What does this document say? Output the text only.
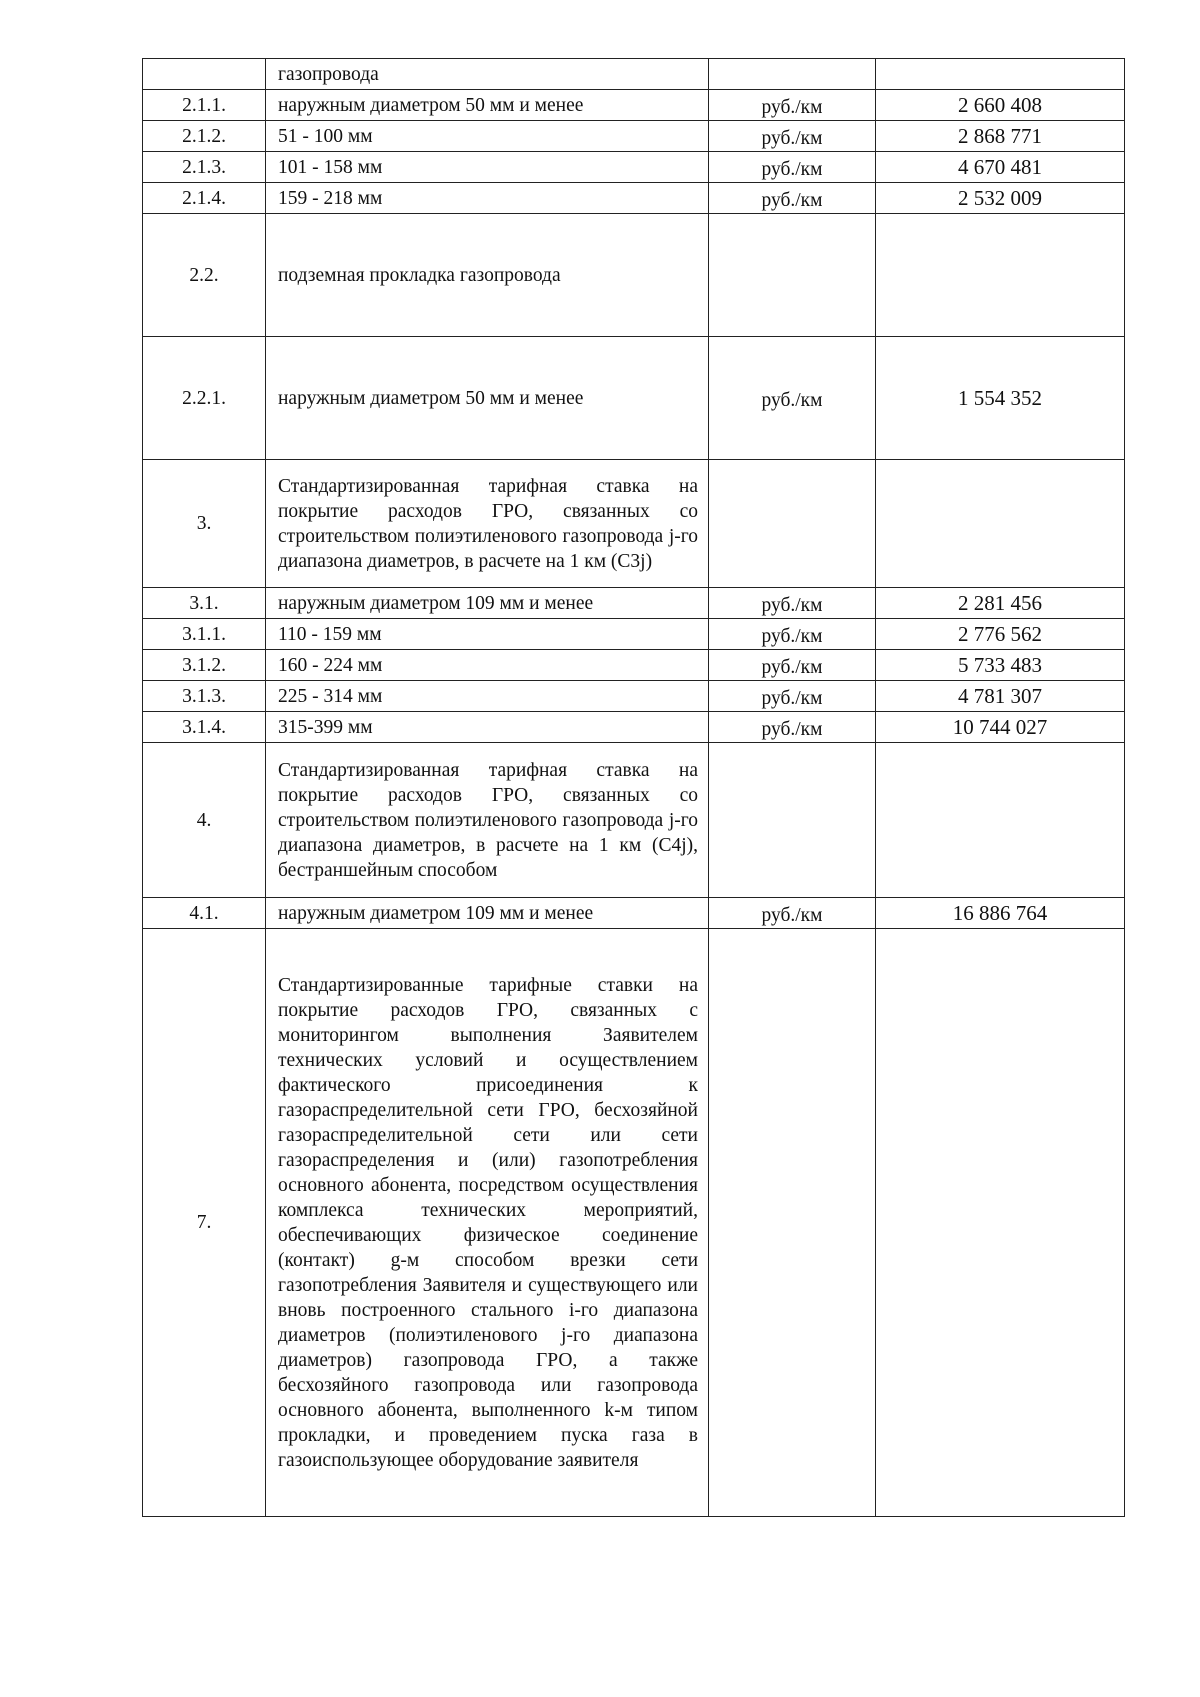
	газопровода		
2.1.1.	наружным диаметром 50 мм и менее	руб./км	2 660 408
2.1.2.	51 - 100 мм	руб./км	2 868 771
2.1.3.	101 - 158 мм	руб./км	4 670 481
2.1.4.	159 - 218 мм	руб./км	2 532 009
2.2.	подземная прокладка газопровода		
2.2.1.	наружным диаметром 50 мм и менее	руб./км	1 554 352
3.	Стандартизированная тарифная ставка на покрытие расходов ГРО, связанных со строительством полиэтиленового газопровода j-го диапазона диаметров, в расчете на 1 км (С3j)		
3.1.	наружным диаметром 109 мм и менее	руб./км	2 281 456
3.1.1.	110 - 159 мм	руб./км	2 776 562
3.1.2.	160 - 224 мм	руб./км	5 733 483
3.1.3.	225 - 314 мм	руб./км	4 781 307
3.1.4.	315-399 мм	руб./км	10 744 027
4.	Стандартизированная тарифная ставка на покрытие расходов ГРО, связанных со строительством полиэтиленового газопровода j-го диапазона диаметров, в расчете на 1 км (С4j), бестраншейным способом		
4.1.	наружным диаметром 109 мм и менее	руб./км	16 886 764
7.	Стандартизированные тарифные ставки на покрытие расходов ГРО, связанных с мониторингом выполнения Заявителем технических условий и осуществлением фактического присоединения к газораспределительной сети ГРО, бесхозяйной газораспределительной сети или сети газораспределения и (или) газопотребления основного абонента, посредством осуществления комплекса технических мероприятий, обеспечивающих физическое соединение (контакт) g-м способом врезки сети газопотребления Заявителя и существующего или вновь построенного стального i-го диапазона диаметров (полиэтиленового j-го диапазона диаметров) газопровода ГРО, а также бесхозяйного газопровода или газопровода основного абонента, выполненного k-м типом прокладки, и проведением пуска газа в газоиспользующее оборудование заявителя		
